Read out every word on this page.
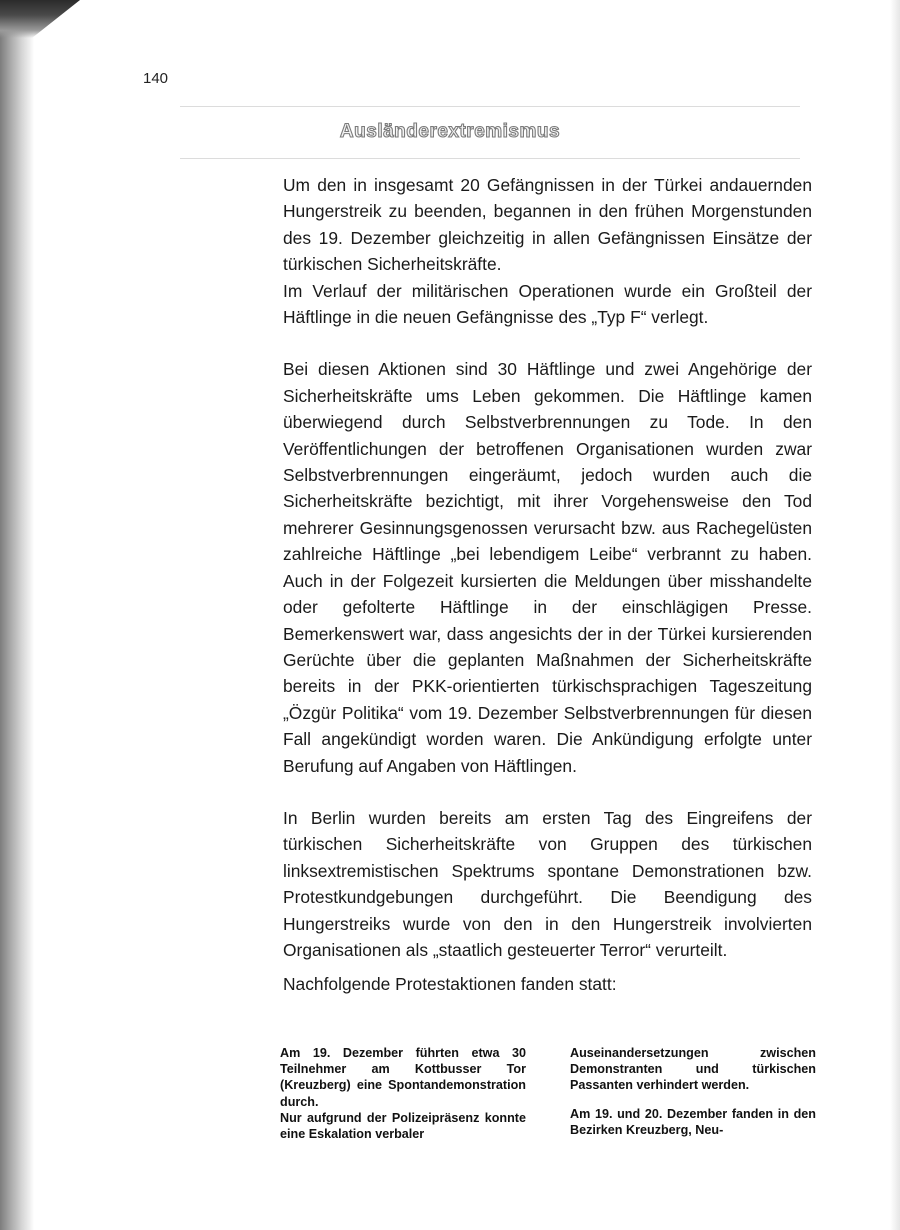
140
Ausländerextremismus

Um den in insgesamt 20 Gefängnissen in der Türkei andauernden Hungerstreik zu beenden, begannen in den frühen Morgenstunden des 19. Dezember gleichzeitig in allen Gefängnissen Einsätze der türkischen Sicherheitskräfte.

Im Verlauf der militärischen Operationen wurde ein Großteil der Häftlinge in die neuen Gefängnisse des „Typ F“ verlegt.

Bei diesen Aktionen sind 30 Häftlinge und zwei Angehörige der Sicherheitskräfte ums Leben gekommen. Die Häftlinge kamen überwiegend durch Selbstverbrennungen zu Tode. In den Veröffentlichungen der betroffenen Organisationen wurden zwar Selbstverbrennungen eingeräumt, jedoch wurden auch die Sicherheitskräfte bezichtigt, mit ihrer Vorgehensweise den Tod mehrerer Gesinnungsgenossen verursacht bzw. aus Rachegelüsten zahlreiche Häftlinge „bei lebendigem Leibe“ verbrannt zu haben. Auch in der Folgezeit kursierten die Meldungen über misshandelte oder gefolterte Häftlinge in der einschlägigen Presse. Bemerkenswert war, dass angesichts der in der Türkei kursierenden Gerüchte über die geplanten Maßnahmen der Sicherheitskräfte bereits in der PKK-orientierten türkischsprachigen Tageszeitung „Özgür Politika“ vom 19. Dezember Selbstverbrennungen für diesen Fall angekündigt worden waren. Die Ankündigung erfolgte unter Berufung auf Angaben von Häftlingen.

In Berlin wurden bereits am ersten Tag des Eingreifens der türkischen Sicherheitskräfte von Gruppen des türkischen linksextremistischen Spektrums spontane Demonstrationen bzw. Protestkundgebungen durchgeführt. Die Beendigung des Hungerstreiks wurde von den in den Hungerstreik involvierten Organisationen als „staatlich gesteuerter Terror“ verurteilt.

Nachfolgende Protestaktionen fanden statt:

Am 19. Dezember führten etwa 30 Teilnehmer am Kottbusser Tor (Kreuzberg) eine Spontandemonstration durch.

Nur aufgrund der Polizeipräsenz konnte eine Eskalation verbaler

Auseinandersetzungen zwischen Demonstranten und türkischen Passanten verhindert werden.

Am 19. und 20. Dezember fanden in den Bezirken Kreuzberg, Neu-
